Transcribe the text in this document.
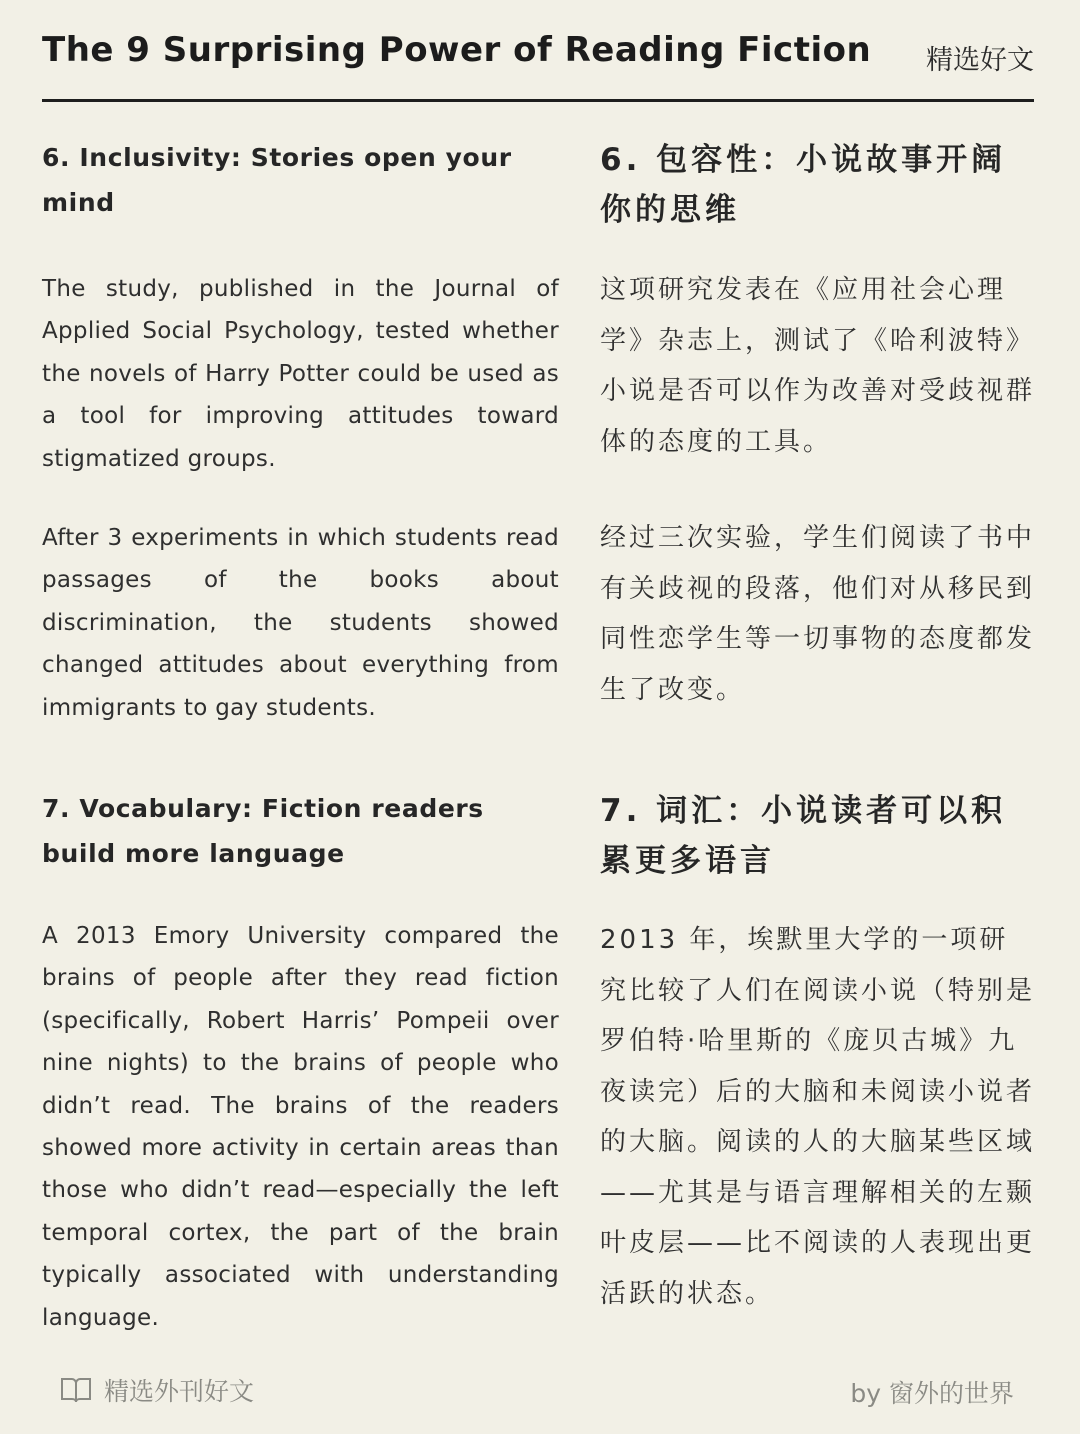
The 9 Surprising Power of Reading Fiction 精选好文
6. Inclusivity: Stories open your mind
The study, published in the Journal of Applied Social Psychology, tested whether the novels of Harry Potter could be used as a tool for improving attitudes toward stigmatized groups.
After 3 experiments in which students read passages of the books about discrimination, the students showed changed attitudes about everything from immigrants to gay students.
6. 包容性：小说故事开阔你的思维
这项研究发表在《应用社会心理学》杂志上，测试了《哈利波特》小说是否可以作为改善对受歧视群体的态度的工具。
经过三次实验，学生们阅读了书中有关歧视的段落，他们对从移民到同性恋学生等一切事物的态度都发生了改变。
7. Vocabulary: Fiction readers build more language
A 2013 Emory University compared the brains of people after they read fiction (specifically, Robert Harris’ Pompeii over nine nights) to the brains of people who didn’t read. The brains of the readers showed more activity in certain areas than those who didn’t read—especially the left temporal cortex, the part of the brain typically associated with understanding language.
7. 词汇：小说读者可以积累更多语言
2013 年，埃默里大学的一项研究比较了人们在阅读小说（特别是罗伯特·哈里斯的《庞贝古城》九夜读完）后的大脑和未阅读小说者的大脑。阅读的人的大脑某些区域——尤其是与语言理解相关的左颞叶皮层——比不阅读的人表现出更活跃的状态。
精选外刊好文	by 窗外的世界
